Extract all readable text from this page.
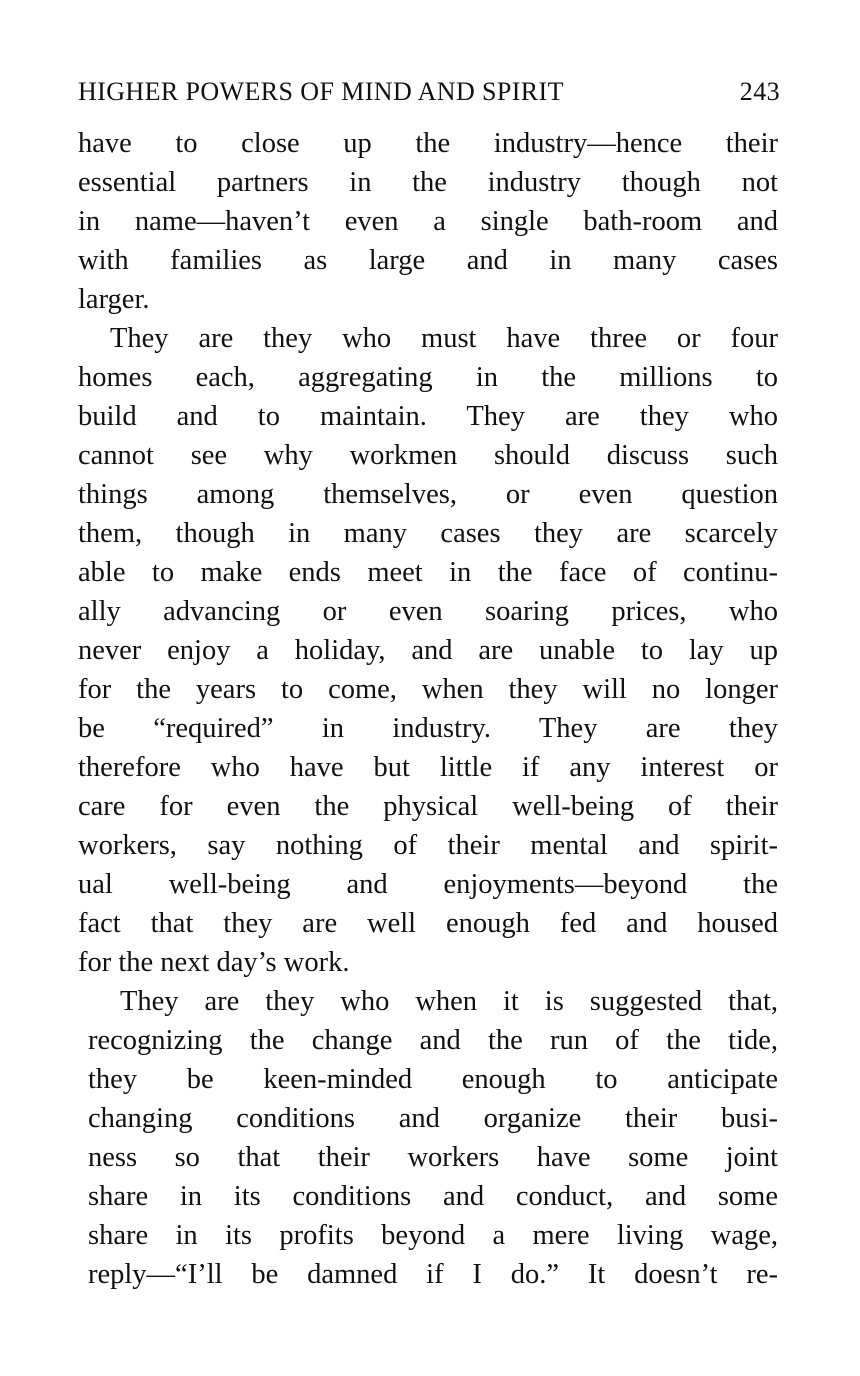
HIGHER POWERS OF MIND AND SPIRIT	243
have to close up the industry—hence their
essential partners in the industry though not
in name—haven’t even a single bath-room and
with families as large and in many cases
larger.
They are they who must have three or four
homes each, aggregating in the millions to
build and to maintain. They are they who
cannot see why workmen should discuss such
things among themselves, or even question
them, though in many cases they are scarcely
able to make ends meet in the face of continu-
ally advancing or even soaring prices, who
never enjoy a holiday, and are unable to lay up
for the years to come, when they will no longer
be “required” in industry. They are they
therefore who have but little if any interest or
care for even the physical well-being of their
workers, say nothing of their mental and spirit-
ual well-being and enjoyments—beyond the
fact that they are well enough fed and housed
for the next day’s work.
They are they who when it is suggested that,
recognizing the change and the run of the tide,
they be keen-minded enough to anticipate
changing conditions and organize their busi-
ness so that their workers have some joint
share in its conditions and conduct, and some
share in its profits beyond a mere living wage,
reply—“I’ll be damned if I do.” It doesn’t re-
